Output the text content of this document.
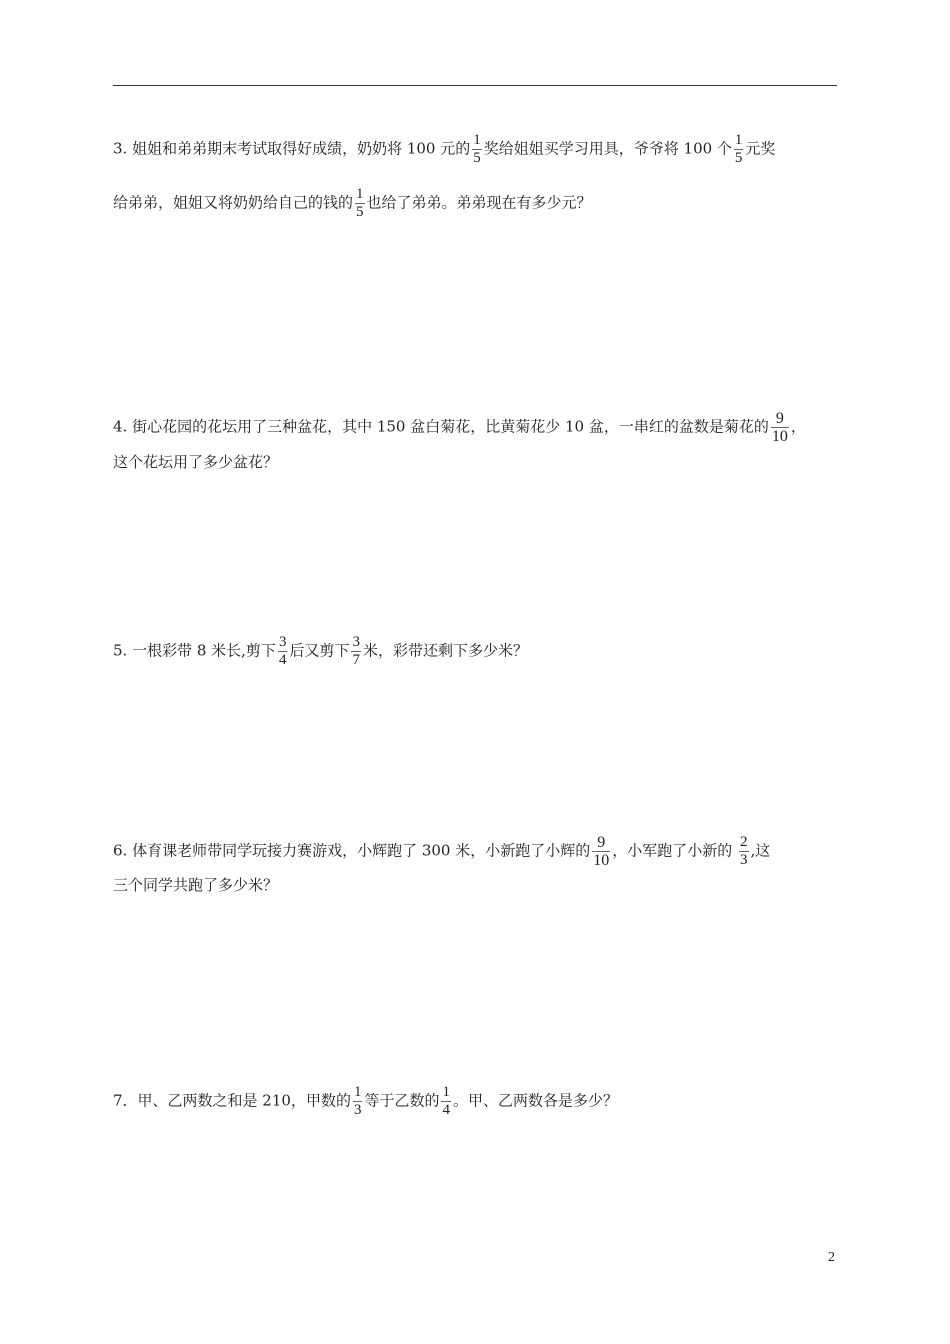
3. 姐姐和弟弟期末考试取得好成绩，奶奶将 100 元的 $\frac{1}{5}$ 奖给姐姐买学习用具，爷爷将 100 个 $\frac{1}{5}$ 元奖
给弟弟，姐姐又将奶奶给自己的钱的 $\frac{1}{5}$ 也给了弟弟。弟弟现在有多少元？
4. 街心花园的花坛用了三种盆花，其中 150 盆白菊花，比黄菊花少 10 盆，一串红的盆数是菊花的 $\frac{9}{10}$ ，
这个花坛用了多少盆花？
5. 一根彩带 8 米长,剪下 $\frac{3}{4}$ 后又剪下 $\frac{3}{7}$ 米，彩带还剩下多少米？
6. 体育课老师带同学玩接力赛游戏，小辉跑了 300 米，小新跑了小辉的 $\frac{9}{10}$ ，小军跑了小新的 $\frac{2}{3}$ ,这
三个同学共跑了多少米？
7．甲、乙两数之和是 210，甲数的 $\frac{1}{3}$ 等于乙数的 $\frac{1}{4}$ 。甲、乙两数各是多少？
2
